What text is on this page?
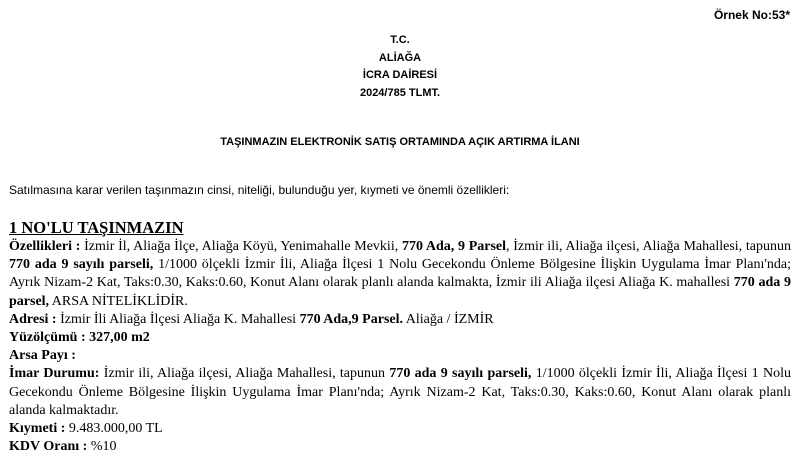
Örnek No:53*
T.C.
ALİAĞA
İCRA DAİRESİ
2024/785 TLMT.
TAŞINMAZIN ELEKTRONİK SATIŞ ORTAMINDA AÇIK ARTIRMA İLANI
Satılmasına karar verilen taşınmazın cinsi, niteliği, bulunduğu yer, kıymeti ve önemli özellikleri:

1 NO'LU TAŞINMAZIN

Özellikleri : İzmir İl, Aliağa İlçe, Aliağa Köyü, Yenimahalle Mevkii, 770 Ada, 9 Parsel, İzmir ili, Aliağa ilçesi, Aliağa Mahallesi, tapunun 770 ada 9 sayılı parseli, 1/1000 ölçekli İzmir İli, Aliağa İlçesi 1 Nolu Gecekondu Önleme Bölgesine İlişkin Uygulama İmar Planı'nda; Ayrık Nizam-2 Kat, Taks:0.30, Kaks:0.60, Konut Alanı olarak planlı alanda kalmakta, İzmir ili Aliağa ilçesi Aliağa K. mahallesi 770 ada 9 parsel, ARSA NİTELİKLİDİR.

Adresi : İzmir İli Aliağa İlçesi Aliağa K. Mahallesi 770 Ada,9 Parsel. Aliağa / İZMİR

Yüzölçümü : 327,00 m2

Arsa Payı :

İmar Durumu: İzmir ili, Aliağa ilçesi, Aliağa Mahallesi, tapunun 770 ada 9 sayılı parseli, 1/1000 ölçekli İzmir İli, Aliağa İlçesi 1 Nolu Gecekondu Önleme Bölgesine İlişkin Uygulama İmar Planı'nda; Ayrık Nizam-2 Kat, Taks:0.30, Kaks:0.60, Konut Alanı olarak planlı alanda kalmaktadır.

Kıymeti : 9.483.000,00 TL

KDV Oranı : %10
